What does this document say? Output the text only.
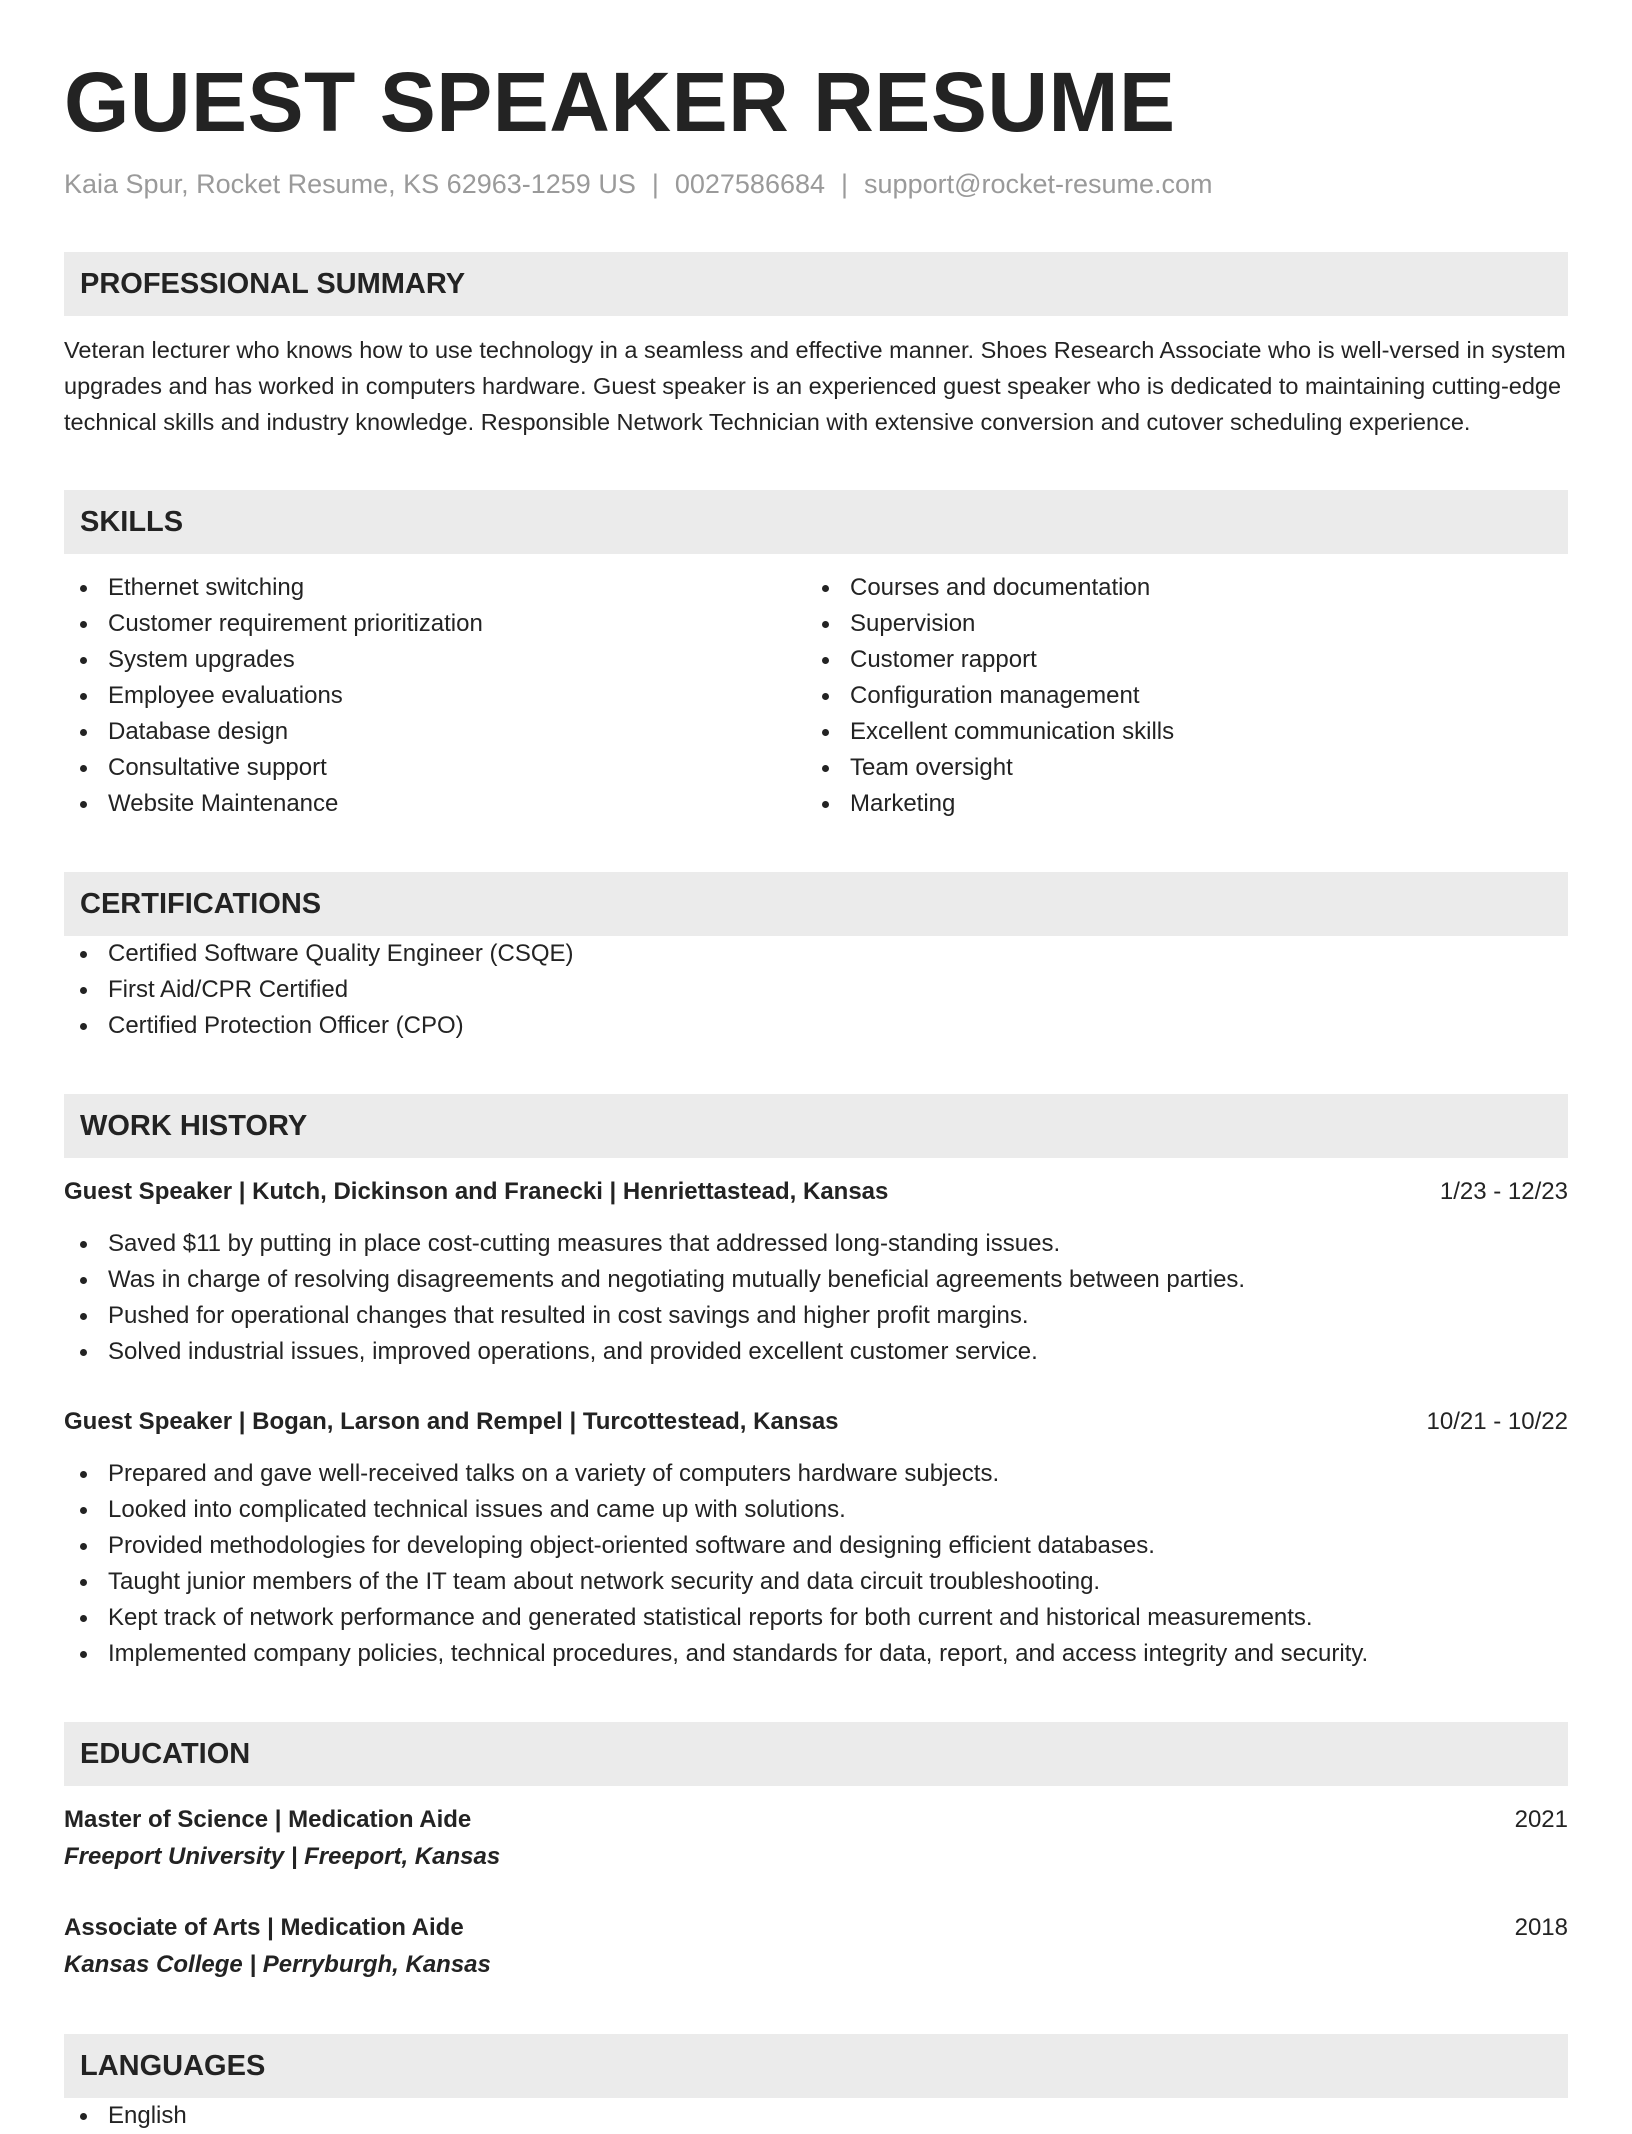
GUEST SPEAKER RESUME
Kaia Spur, Rocket Resume, KS 62963-1259 US | 0027586684 | support@rocket-resume.com
PROFESSIONAL SUMMARY
Veteran lecturer who knows how to use technology in a seamless and effective manner. Shoes Research Associate who is well-versed in system upgrades and has worked in computers hardware. Guest speaker is an experienced guest speaker who is dedicated to maintaining cutting-edge technical skills and industry knowledge. Responsible Network Technician with extensive conversion and cutover scheduling experience.
SKILLS
Ethernet switching
Customer requirement prioritization
System upgrades
Employee evaluations
Database design
Consultative support
Website Maintenance
Courses and documentation
Supervision
Customer rapport
Configuration management
Excellent communication skills
Team oversight
Marketing
CERTIFICATIONS
Certified Software Quality Engineer (CSQE)
First Aid/CPR Certified
Certified Protection Officer (CPO)
WORK HISTORY
Guest Speaker | Kutch, Dickinson and Franecki | Henriettastead, Kansas	1/23 - 12/23
Saved $11 by putting in place cost-cutting measures that addressed long-standing issues.
Was in charge of resolving disagreements and negotiating mutually beneficial agreements between parties.
Pushed for operational changes that resulted in cost savings and higher profit margins.
Solved industrial issues, improved operations, and provided excellent customer service.
Guest Speaker | Bogan, Larson and Rempel | Turcottestead, Kansas	10/21 - 10/22
Prepared and gave well-received talks on a variety of computers hardware subjects.
Looked into complicated technical issues and came up with solutions.
Provided methodologies for developing object-oriented software and designing efficient databases.
Taught junior members of the IT team about network security and data circuit troubleshooting.
Kept track of network performance and generated statistical reports for both current and historical measurements.
Implemented company policies, technical procedures, and standards for data, report, and access integrity and security.
EDUCATION
Master of Science | Medication Aide	2021
Freeport University | Freeport, Kansas
Associate of Arts | Medication Aide	2018
Kansas College | Perryburgh, Kansas
LANGUAGES
English
